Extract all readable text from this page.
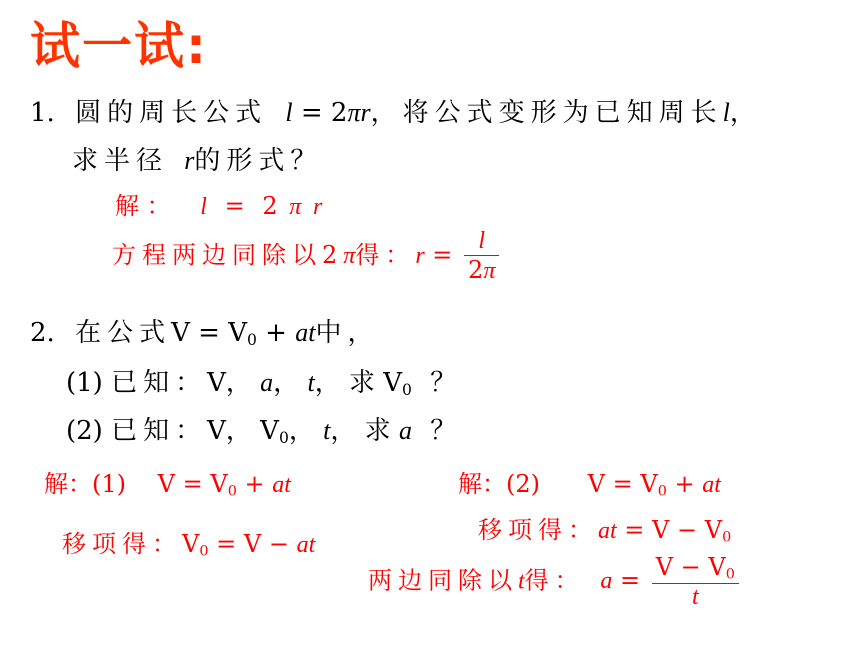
试一试:
1. 圆的周长公式 l = 2πr，将公式变形为已知周长l，
求半径 r的形式？
解 ： l = 2 π r
方程两边同除以2π得：$r = \frac{l}{2\pi}$
2. 在公式$V = V_0$ + at中，
(1) 已知：V， a， t， 求 $V_0$ ？
(2) 已知：V， $V_0$， t， 求 a ？
解：(1) $V = V_0$ + at
移项得：$V_0 = V$ − at
解：(2) $V = V_0$ + at
移项得：at = $V - V_0$
两边同除以t得： $a = \frac{V - V_0}{t}$
